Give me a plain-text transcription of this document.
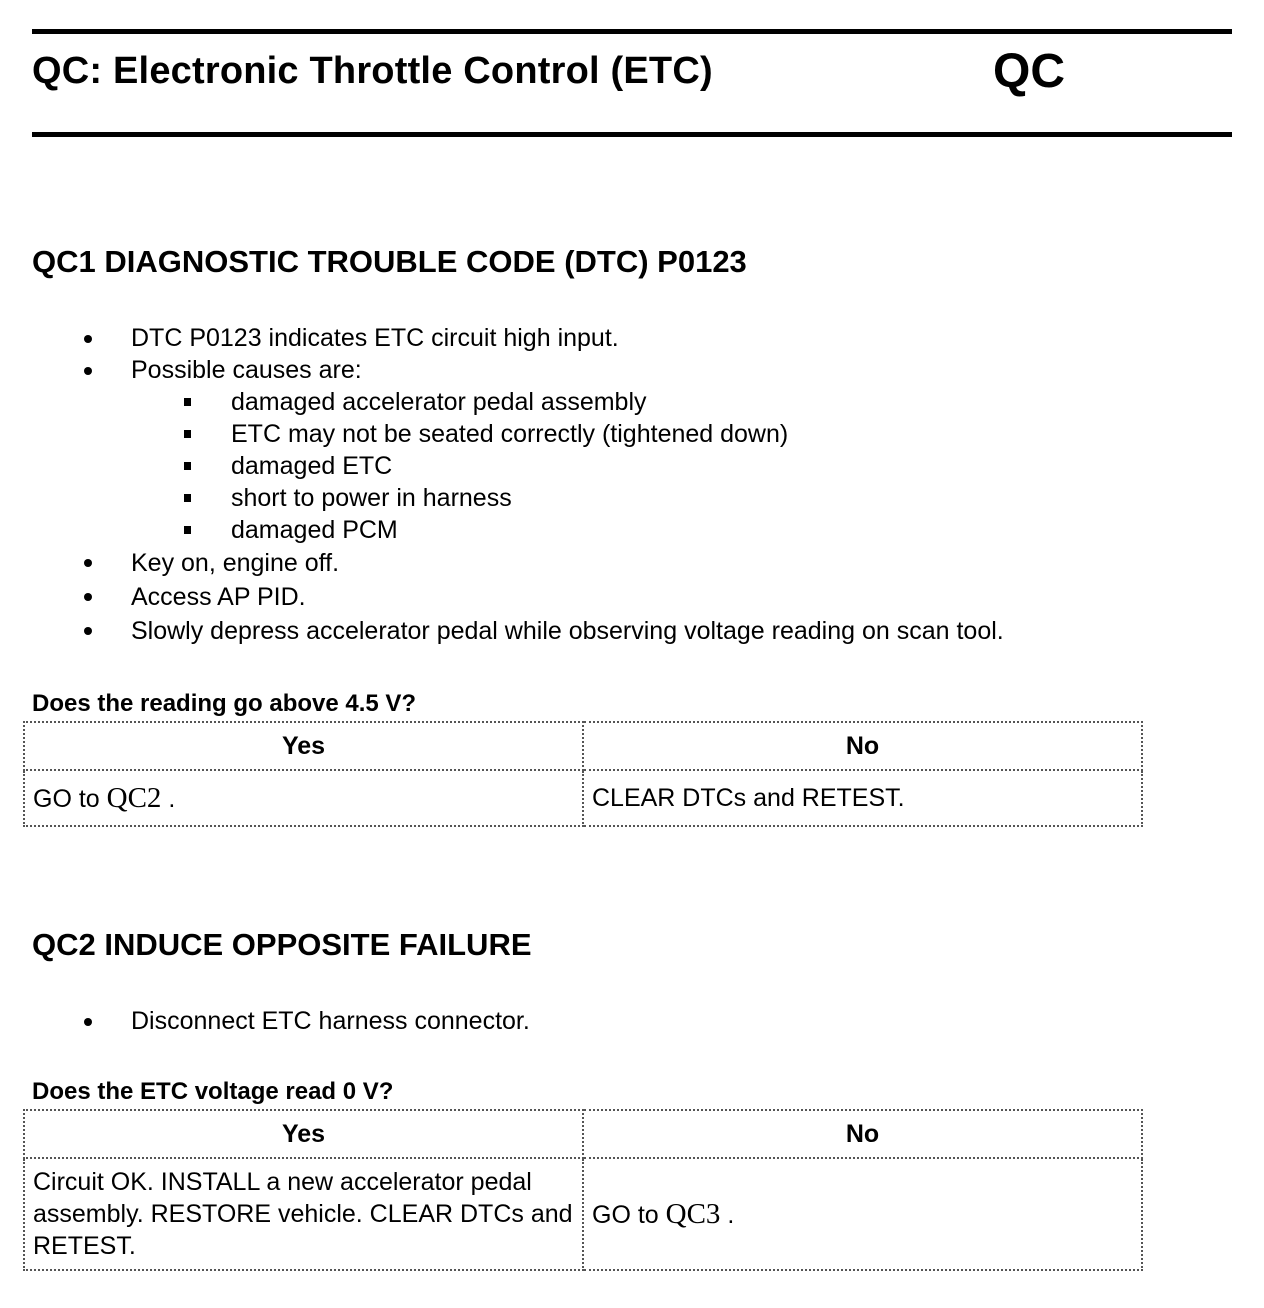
QC: Electronic Throttle Control (ETC)	QC
QC1 DIAGNOSTIC TROUBLE CODE (DTC) P0123
DTC P0123 indicates ETC circuit high input.
Possible causes are:
damaged accelerator pedal assembly
ETC may not be seated correctly (tightened down)
damaged ETC
short to power in harness
damaged PCM
Key on, engine off.
Access AP PID.
Slowly depress accelerator pedal while observing voltage reading on scan tool.
Does the reading go above 4.5 V?
Yes	No
GO to QC2 .	CLEAR DTCs and RETEST.
QC2 INDUCE OPPOSITE FAILURE
Disconnect ETC harness connector.
Does the ETC voltage read 0 V?
Yes	No
Circuit OK. INSTALL a new accelerator pedal assembly. RESTORE vehicle. CLEAR DTCs and RETEST.	GO to QC3 .
